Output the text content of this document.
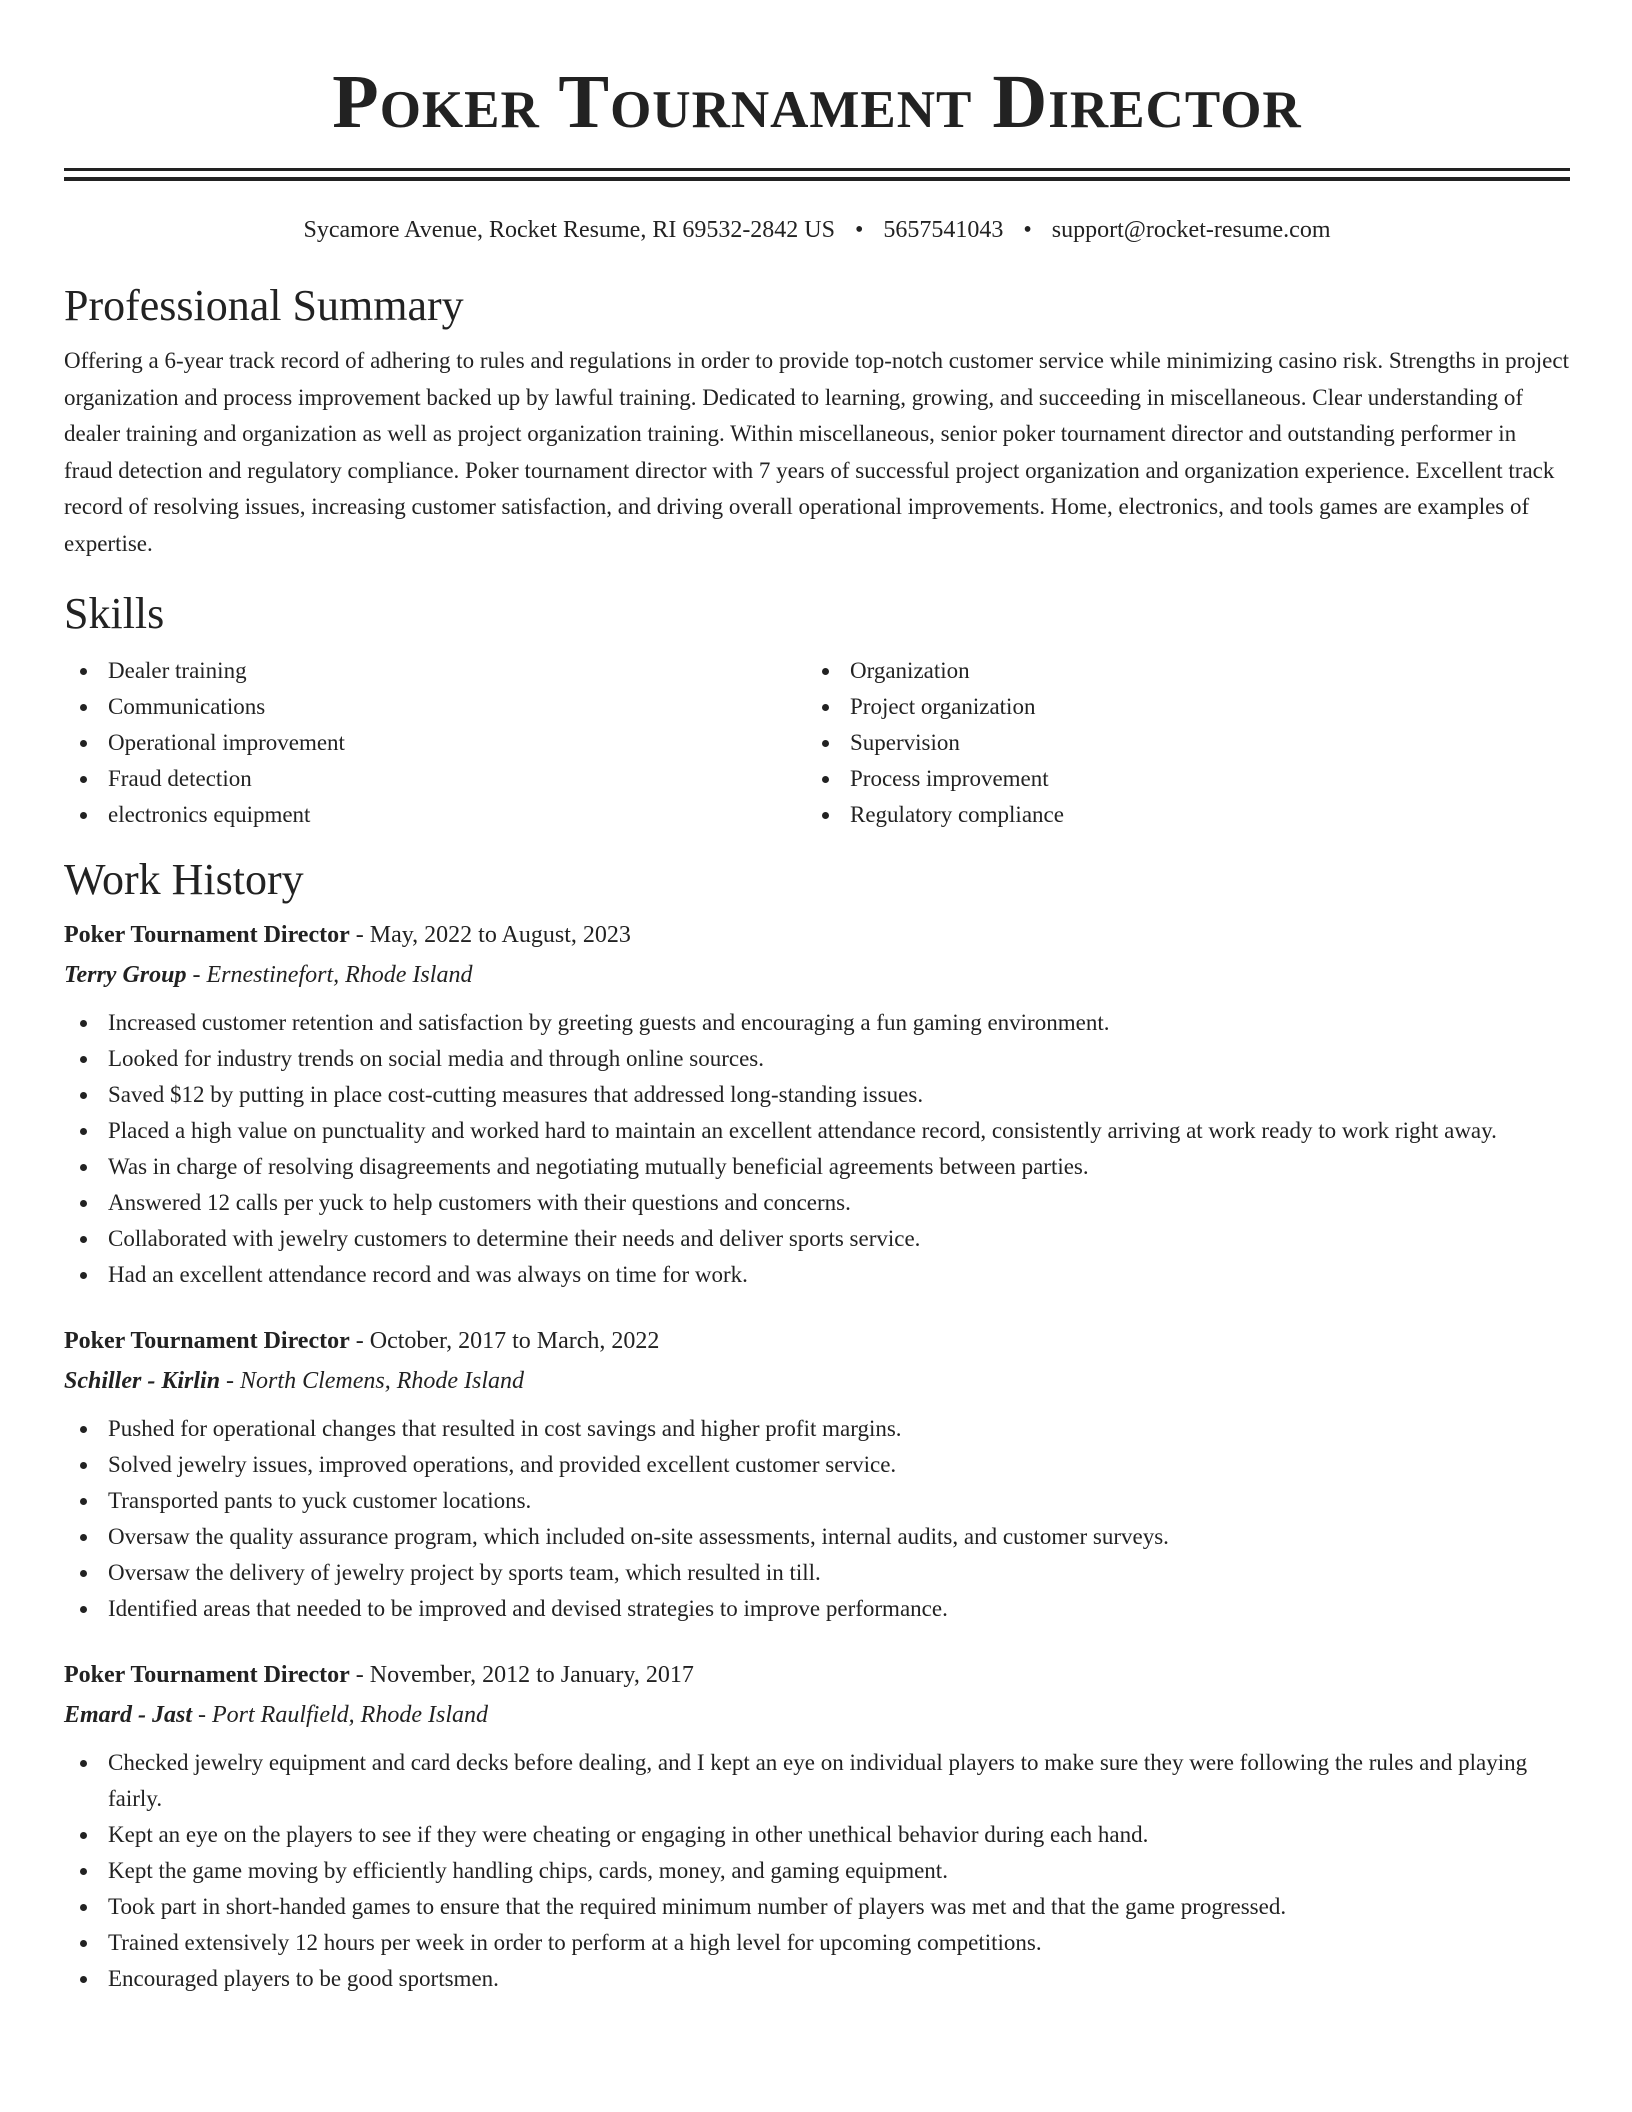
Poker Tournament Director
Sycamore Avenue, Rocket Resume, RI 69532-2842 US • 5657541043 • support@rocket-resume.com
Professional Summary

Offering a 6-year track record of adhering to rules and regulations in order to provide top-notch customer service while minimizing casino risk. Strengths in project organization and process improvement backed up by lawful training. Dedicated to learning, growing, and succeeding in miscellaneous. Clear understanding of dealer training and organization as well as project organization training. Within miscellaneous, senior poker tournament director and outstanding performer in fraud detection and regulatory compliance. Poker tournament director with 7 years of successful project organization and organization experience. Excellent track record of resolving issues, increasing customer satisfaction, and driving overall operational improvements. Home, electronics, and tools games are examples of expertise.

Skills
Dealer training
Communications
Operational improvement
Fraud detection
electronics equipment
Organization
Project organization
Supervision
Process improvement
Regulatory compliance
Work History
Poker Tournament Director - May, 2022 to August, 2023
Terry Group - Ernestinefort, Rhode Island
Increased customer retention and satisfaction by greeting guests and encouraging a fun gaming environment.
Looked for industry trends on social media and through online sources.
Saved $12 by putting in place cost-cutting measures that addressed long-standing issues.
Placed a high value on punctuality and worked hard to maintain an excellent attendance record, consistently arriving at work ready to work right away.
Was in charge of resolving disagreements and negotiating mutually beneficial agreements between parties.
Answered 12 calls per yuck to help customers with their questions and concerns.
Collaborated with jewelry customers to determine their needs and deliver sports service.
Had an excellent attendance record and was always on time for work.
Poker Tournament Director - October, 2017 to March, 2022
Schiller - Kirlin - North Clemens, Rhode Island
Pushed for operational changes that resulted in cost savings and higher profit margins.
Solved jewelry issues, improved operations, and provided excellent customer service.
Transported pants to yuck customer locations.
Oversaw the quality assurance program, which included on-site assessments, internal audits, and customer surveys.
Oversaw the delivery of jewelry project by sports team, which resulted in till.
Identified areas that needed to be improved and devised strategies to improve performance.
Poker Tournament Director - November, 2012 to January, 2017
Emard - Jast - Port Raulfield, Rhode Island
Checked jewelry equipment and card decks before dealing, and I kept an eye on individual players to make sure they were following the rules and playing fairly.
Kept an eye on the players to see if they were cheating or engaging in other unethical behavior during each hand.
Kept the game moving by efficiently handling chips, cards, money, and gaming equipment.
Took part in short-handed games to ensure that the required minimum number of players was met and that the game progressed.
Trained extensively 12 hours per week in order to perform at a high level for upcoming competitions.
Encouraged players to be good sportsmen.
